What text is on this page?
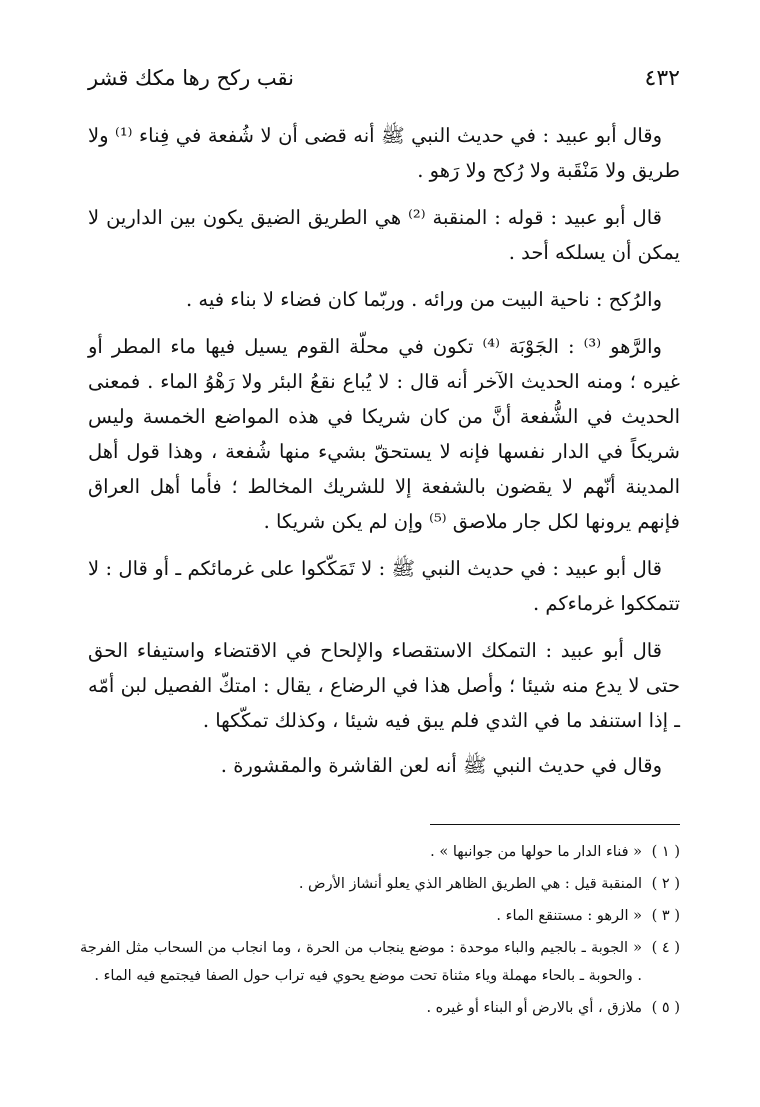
٤٣٢
نقب ركح رها مكك قشر

وقال أبو عبيد : في حديث النبي ﷺ أنه قضى أن لا شُفعة في فِناء ⁽¹⁾ ولا طريق ولا مَنْقَبة ولا رُكح ولا رَهو .

قال أبو عبيد : قوله : المنقبة ⁽²⁾ هي الطريق الضيق يكون بين الدارين لا يمكن أن يسلكه أحد .

والرُكح : ناحية البيت من ورائه . وربّما كان فضاء لا بناء فيه .

والرَّهو ⁽³⁾ : الجَوْبَة ⁽⁴⁾ تكون في محلّة القوم يسيل فيها ماء المطر أو غيره ؛ ومنه الحديث الآخر أنه قال : لا يُباع نقعُ البئر ولا رَهْوُ الماء . فمعنى الحديث في الشُّفعة أنَّ من كان شريكا في هذه المواضع الخمسة وليس شريكاً في الدار نفسها فإنه لا يستحقّ بشيء منها شُفعة ، وهذا قول أهل المدينة أنّهم لا يقضون بالشفعة إلا للشريك المخالط ؛ فأما أهل العراق فإنهم يرونها لكل جار ملاصق ⁽⁵⁾ وإن لم يكن شريكا .

قال أبو عبيد : في حديث النبي ﷺ : لا تَمَكّكوا على غرمائكم ـ أو قال : لا تتمككوا غرماءكم .

قال أبو عبيد : التمكك الاستقصاء والإلحاح في الاقتضاء واستيفاء الحق حتى لا يدع منه شيئا ؛ وأصل هذا في الرضاع ، يقال : امتكّ الفصيل لبن أمّه ـ إذا استنفد ما في الثدي فلم يبق فيه شيئا ، وكذلك تمكّكها .

وقال في حديث النبي ﷺ أنه لعن القاشرة والمقشورة .

( ١ )
« فناء الدار ما حولها من جوانبها » .
( ٢ )
المنقبة قيل : هي الطريق الظاهر الذي يعلو أنشاز الأرض .
( ٣ )
« الرهو : مستنقع الماء .
( ٤ )
« الجوبة ـ بالجيم والباء موحدة : موضع ينجاب من الحرة ، وما انجاب من السحاب مثل الفرجة . والحوبة ـ بالحاء مهملة وياء مثناة تحت موضع يحوي فيه تراب حول الصفا فيجتمع فيه الماء .
( ٥ )
ملازق ، أي بالارض أو البناء أو غيره .
